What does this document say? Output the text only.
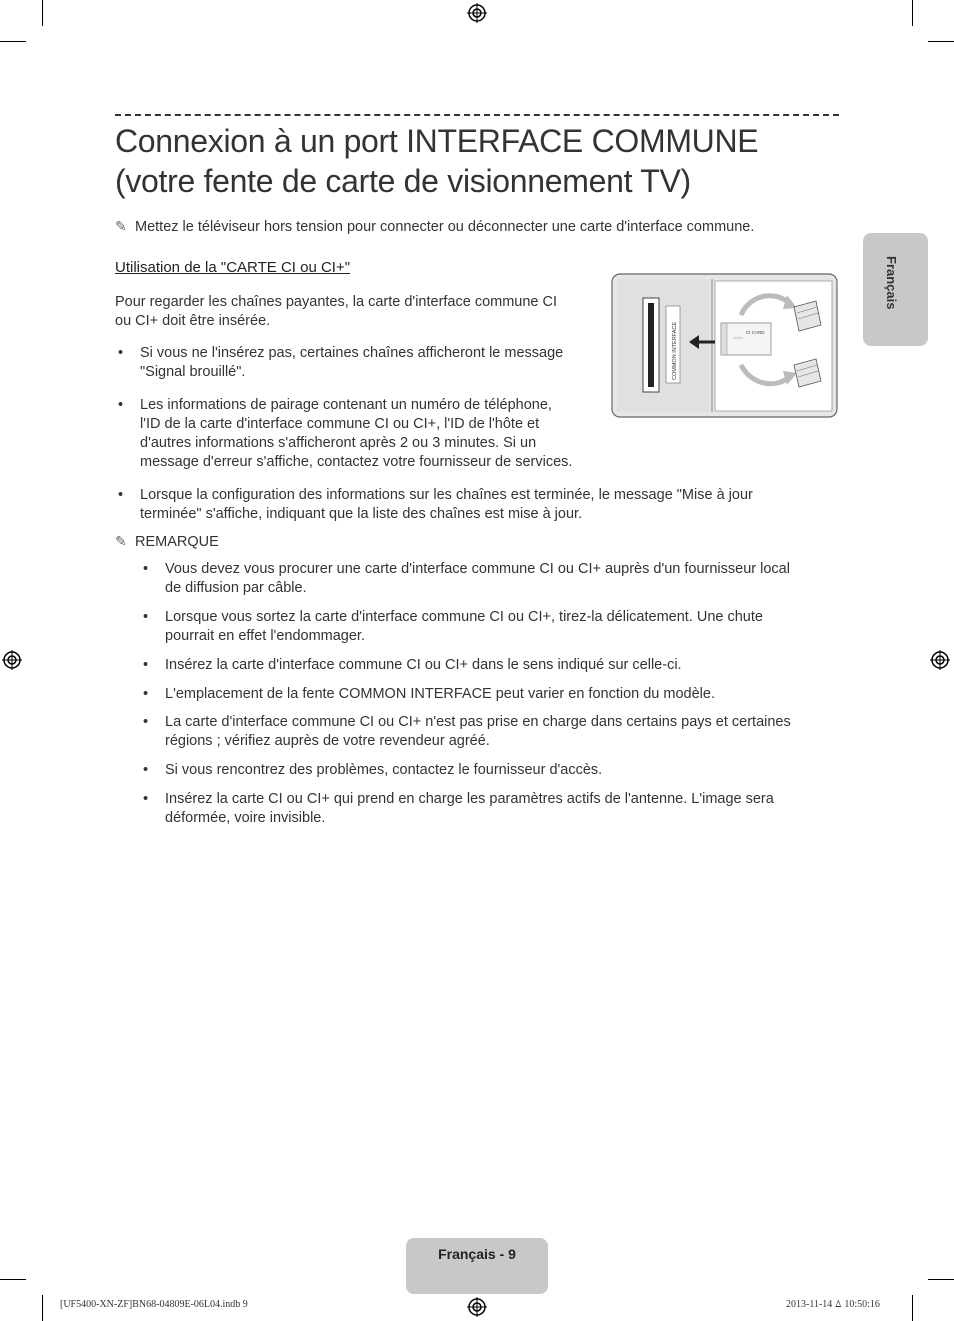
Connexion à un port INTERFACE COMMUNE
(votre fente de carte de visionnement TV)
✎ Mettez le téléviseur hors tension pour connecter ou déconnecter une carte d'interface commune.
Utilisation de la "CARTE CI ou CI+"
Pour regarder les chaînes payantes, la carte d'interface commune CI
ou CI+ doit être insérée.
• Si vous ne l'insérez pas, certaines chaînes afficheront le message
"Signal brouillé".
• Les informations de pairage contenant un numéro de téléphone,
l'ID de la carte d'interface commune CI ou CI+, l'ID de l'hôte et
d'autres informations s'afficheront après 2 ou 3 minutes. Si un
message d'erreur s'affiche, contactez votre fournisseur de services.
• Lorsque la configuration des informations sur les chaînes est terminée, le message "Mise à jour
terminée" s'affiche, indiquant que la liste des chaînes est mise à jour.
COMMON INTERFACE	CI CARD
✎ REMARQUE
• Vous devez vous procurer une carte d'interface commune CI ou CI+ auprès d'un fournisseur local
de diffusion par câble.
• Lorsque vous sortez la carte d'interface commune CI ou CI+, tirez-la délicatement. Une chute
pourrait en effet l'endommager.
• Insérez la carte d'interface commune CI ou CI+ dans le sens indiqué sur celle-ci.
• L'emplacement de la fente COMMON INTERFACE peut varier en fonction du modèle.
• La carte d'interface commune CI ou CI+ n'est pas prise en charge dans certains pays et certaines
régions ; vérifiez auprès de votre revendeur agréé.
• Si vous rencontrez des problèmes, contactez le fournisseur d'accès.
• Insérez la carte CI ou CI+ qui prend en charge les paramètres actifs de l'antenne. L'image sera
déformée, voire invisible.
Français
Français - 9
[UF5400-XN-ZF]BN68-04809E-06L04.indb 9	2013-11-14 ꕔ 10:50:16
